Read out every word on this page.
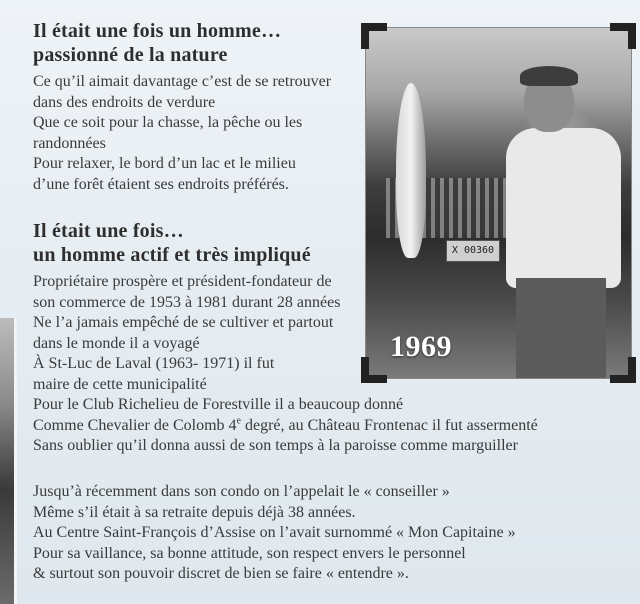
Il était une fois un homme…

passionné de la nature

Ce qu’il aimait davantage c’est de se retrouver

dans des endroits de verdure

Que ce soit pour la chasse, la pêche ou les

randonnées

Pour relaxer, le bord d’un lac et le milieu

d’une forêt étaient ses endroits préférés.

Il était une fois…

un homme actif et très impliqué

Propriétaire prospère et président-fondateur de

son commerce de 1953 à 1981 durant 28 années

Ne l’a jamais empêché de se cultiver et partout

dans le monde il a voyagé

À St-Luc de Laval (1963- 1971) il fut

maire de cette municipalité

Pour le Club Richelieu de Forestville il a beaucoup donné

Comme Chevalier de Colomb 4e degré, au Château Frontenac il fut assermenté

Sans oublier qu’il donna aussi de son temps à la paroisse comme marguiller

Jusqu’à récemment dans son condo on l’appelait le « conseiller »

Même s’il était à sa retraite depuis déjà 38 années.

Au Centre Saint-François d’Assise on l’avait surnommé « Mon Capitaine »

Pour sa vaillance, sa bonne attitude, son respect envers le personnel

& surtout son pouvoir discret de bien se faire « entendre ».

X 00360
1969
